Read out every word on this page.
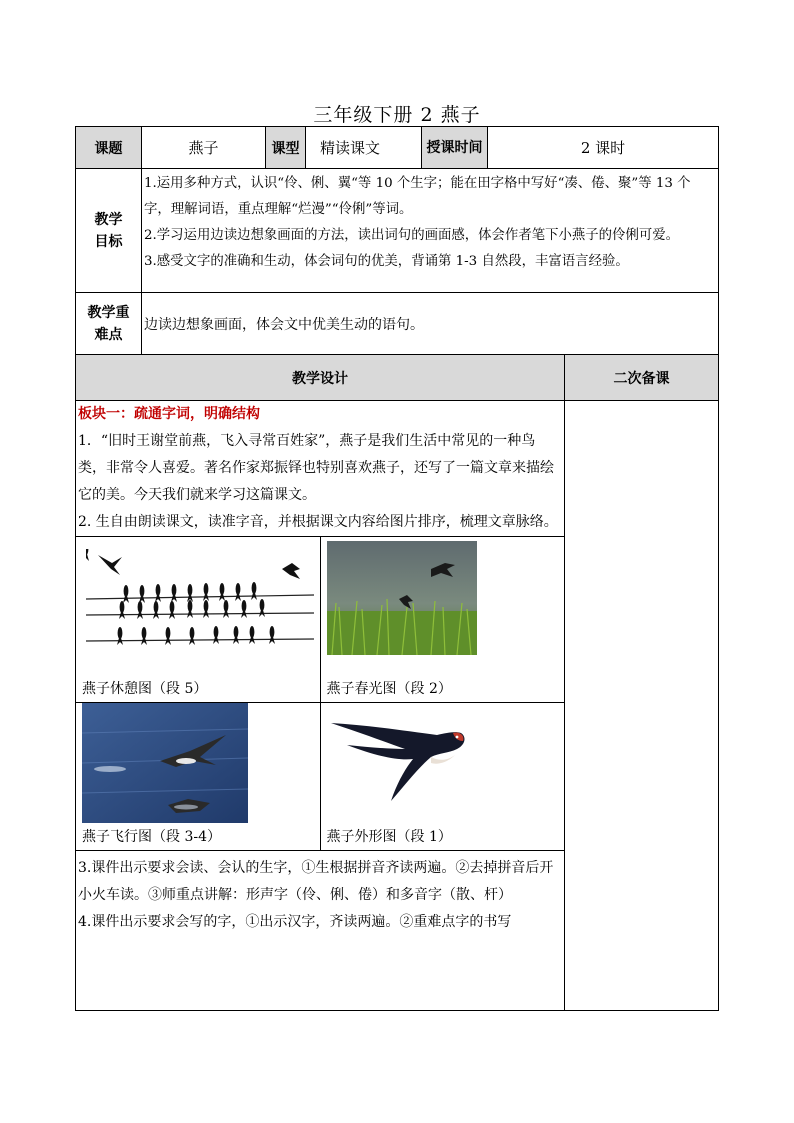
三年级下册 2 燕子
课题	燕子	课型	精读课文	授课时间	2 课时

教学目标

1.运用多种方式，认识“伶、俐、翼“等 10 个生字；能在田字格中写好“凑、倦、聚”等 13 个字，理解词语，重点理解“烂漫”“伶俐”等词。

2.学习运用边读边想象画面的方法，读出词句的画面感，体会作者笔下小燕子的伶俐可爱。

3.感受文字的准确和生动，体会词句的优美，背诵第 1-3 自然段，丰富语言经验。

教学重难点
	边读边想象画面，体会文中优美生动的语句。
教学设计	二次备课

板块一：疏通字词，明确结构

1．“旧时王谢堂前燕，飞入寻常百姓家”，燕子是我们生活中常见的一种鸟类，非常令人喜爱。著名作家郑振铎也特别喜欢燕子，还写了一篇文章来描绘它的美。今天我们就来学习这篇课文。

2. 生自由朗读课文，读准字音，并根据课文内容给图片排序，梳理文章脉络。

燕子休憩图（段 5）	燕子春光图（段 2）

燕子飞行图（段 3-4）	燕子外形图（段 1）

3.课件出示要求会读、会认的生字，①生根据拼音齐读两遍。②去掉拼音后开小火车读。③师重点讲解：形声字（伶、俐、倦）和多音字（散、杆）

4.课件出示要求会写的字，①出示汉字，齐读两遍。②重难点字的书写
